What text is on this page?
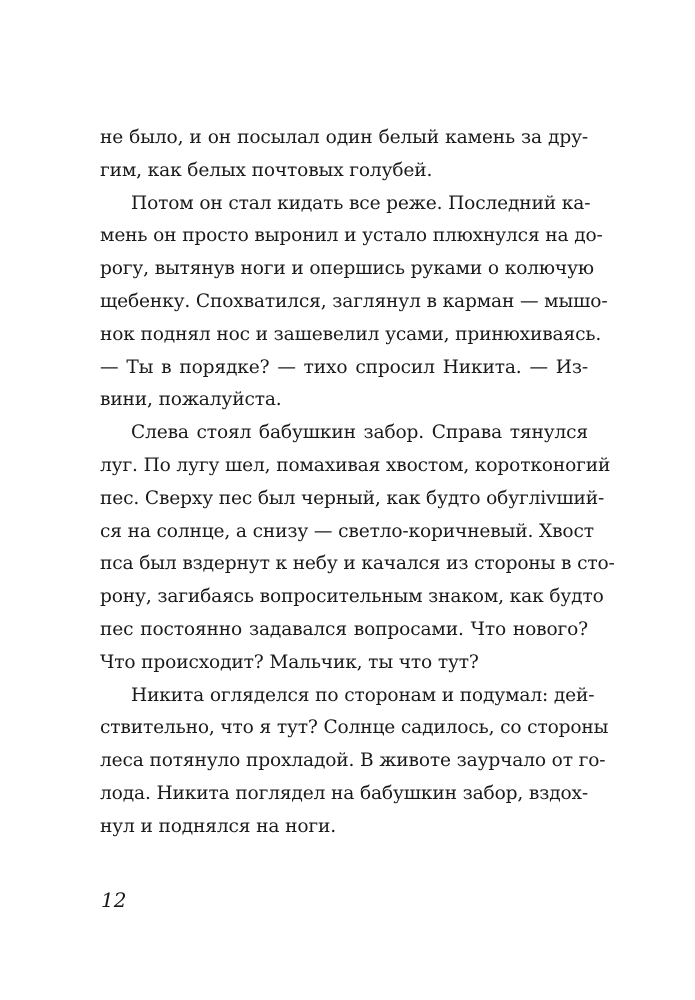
не было, и он посылал один белый камень за дру-
гим, как белых почтовых голубей.
Потом он стал кидать все реже. Последний ка-
мень он просто выронил и устало плюхнулся на до-
рогу, вытянув ноги и опершись руками о колючую
щебенку. Спохватился, заглянул в карман — мышо-
нок поднял нос и зашевелил усами, принюхиваясь.
— Ты в порядке? — тихо спросил Никита. — Из-
вини, пожалуйста.
Слева стоял бабушкин забор. Справа тянулся
луг. По лугу шел, помахивая хвостом, коротконогий
пес. Сверху пес был черный, как будто обуглivший-
ся на солнце, а снизу — светло-коричневый. Хвост
пса был вздернут к небу и качался из стороны в сто-
рону, загибаясь вопросительным знаком, как будто
пес постоянно задавался вопросами. Что нового?
Что происходит? Мальчик, ты что тут?
Никита огляделся по сторонам и подумал: дей-
ствительно, что я тут? Солнце садилось, со стороны
леса потянуло прохладой. В животе заурчало от го-
лода. Никита поглядел на бабушкин забор, вздох-
нул и поднялся на ноги.
12
